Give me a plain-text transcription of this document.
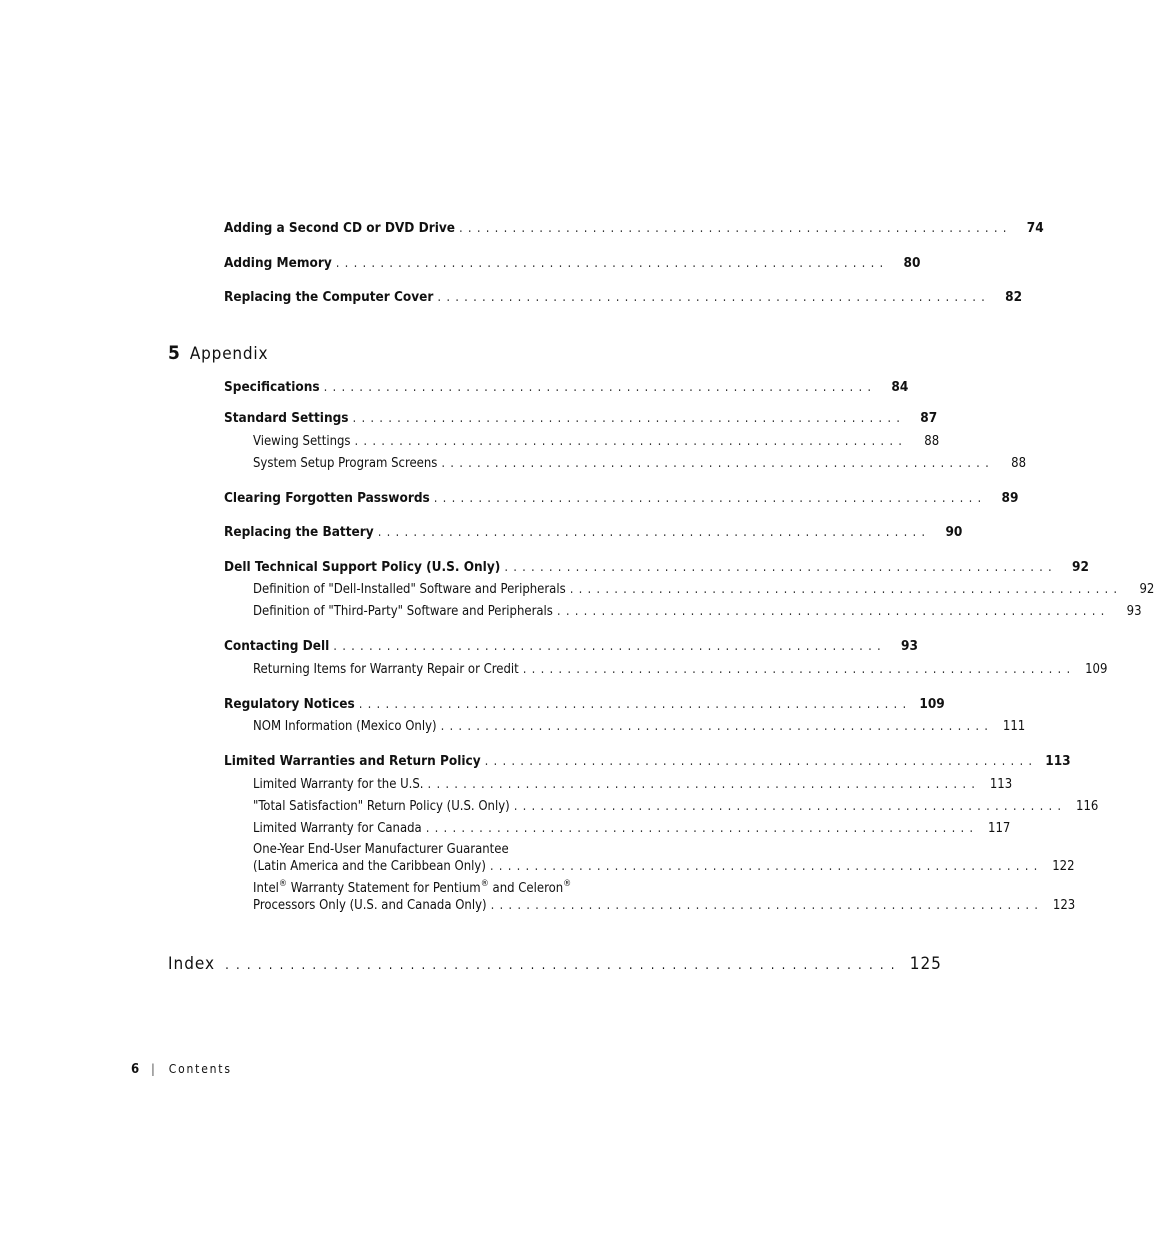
Adding a Second CD or DVD Drive ..............................................................	74
Adding Memory ..............................................................	80
Replacing the Computer Cover ..............................................................	82
5 Appendix
Specifications ..............................................................	84
Standard Settings ..............................................................	87
Viewing Settings ..............................................................	88
System Setup Program Screens ..............................................................	88
Clearing Forgotten Passwords ..............................................................	89
Replacing the Battery ..............................................................	90
Dell Technical Support Policy (U.S. Only) ..............................................................	92
Definition of "Dell-Installed" Software and Peripherals ..............................................................	92
Definition of "Third-Party" Software and Peripherals ..............................................................	93
Contacting Dell ..............................................................	93
Returning Items for Warranty Repair or Credit .............................................................. 109
Regulatory Notices .............................................................. 109
NOM Information (Mexico Only) .............................................................. 111
Limited Warranties and Return Policy .............................................................. 113
Limited Warranty for the U.S. .............................................................. 113
"Total Satisfaction" Return Policy (U.S. Only) .............................................................. 116
Limited Warranty for Canada .............................................................. 117
One-Year End-User Manufacturer Guarantee
(Latin America and the Caribbean Only) .............................................................. 122
Intel® Warranty Statement for Pentium® and Celeron®
Processors Only (U.S. and Canada Only) .............................................................. 123
Index .............................................................. 125
6 | Contents
